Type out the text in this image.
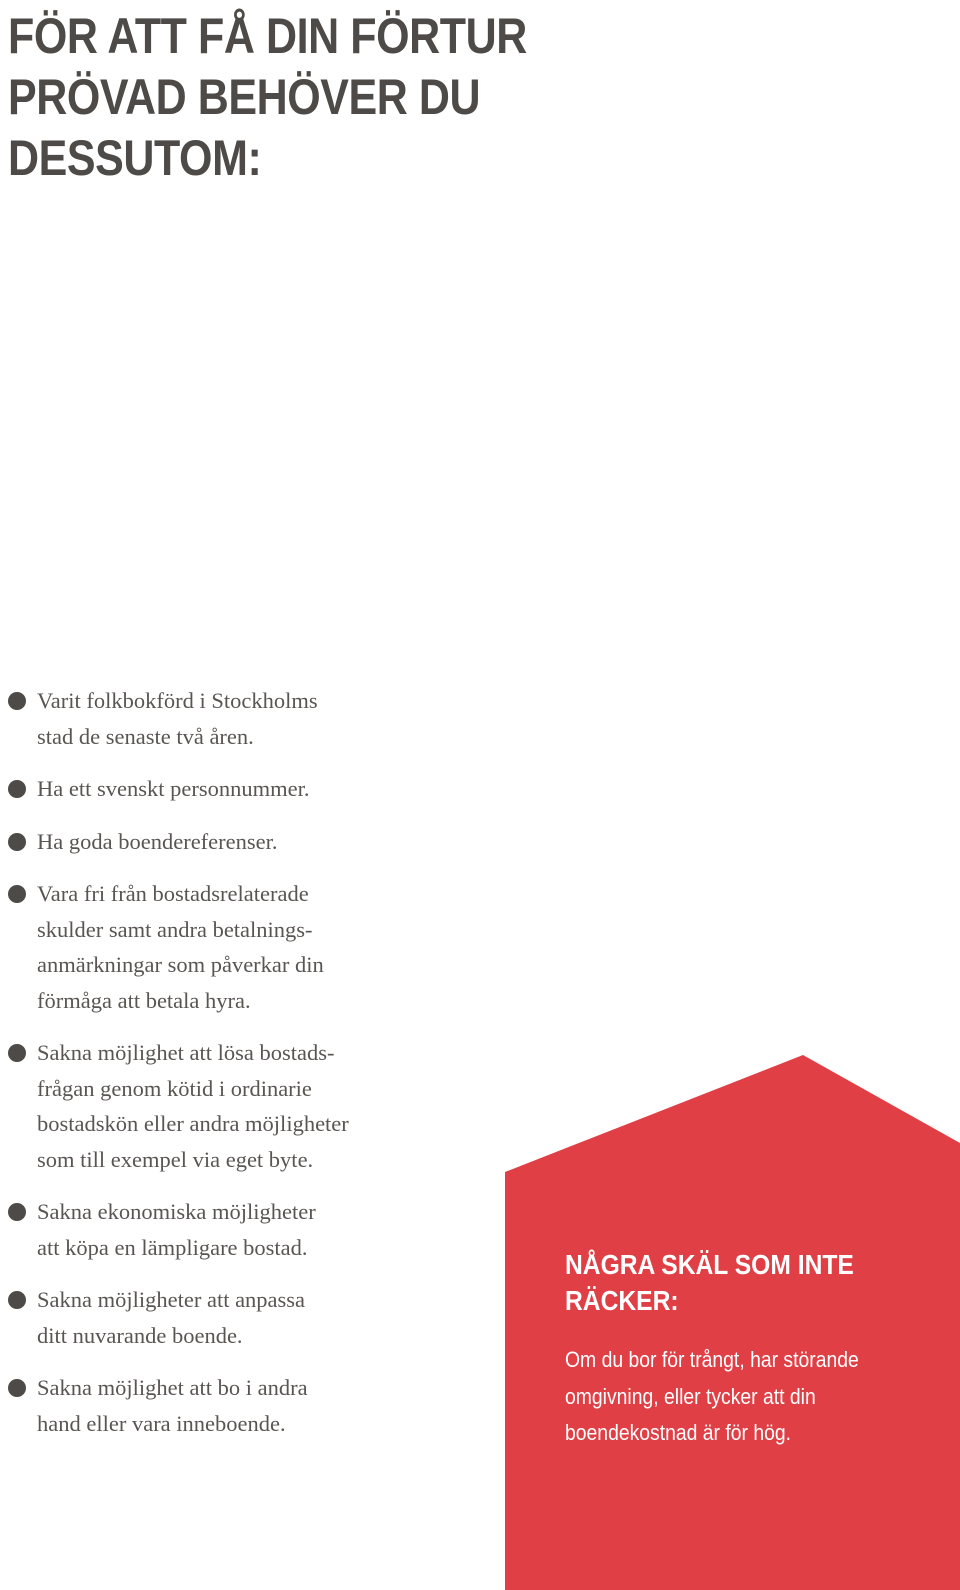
FÖR ATT FÅ DIN FÖRTUR
PRÖVAD BEHÖVER DU
DESSUTOM:
Varit folkbokförd i Stockholms
stad de senaste två åren.
Ha ett svenskt personnummer.
Ha goda boendereferenser.
Vara fri från bostadsrelaterade
skulder samt andra betalnings-
anmärkningar som påverkar din
förmåga att betala hyra.
Sakna möjlighet att lösa bostads-
frågan genom kötid i ordinarie
bostadskön eller andra möjligheter
som till exempel via eget byte.
Sakna ekonomiska möjligheter
att köpa en lämpligare bostad.
Sakna möjligheter att anpassa
ditt nuvarande boende.
Sakna möjlighet att bo i andra
hand eller vara inneboende.
NÅGRA SKÄL SOM INTE
RÄCKER:

Om du bor för trångt, har störande
omgivning, eller tycker att din
boendekostnad är för hög.
